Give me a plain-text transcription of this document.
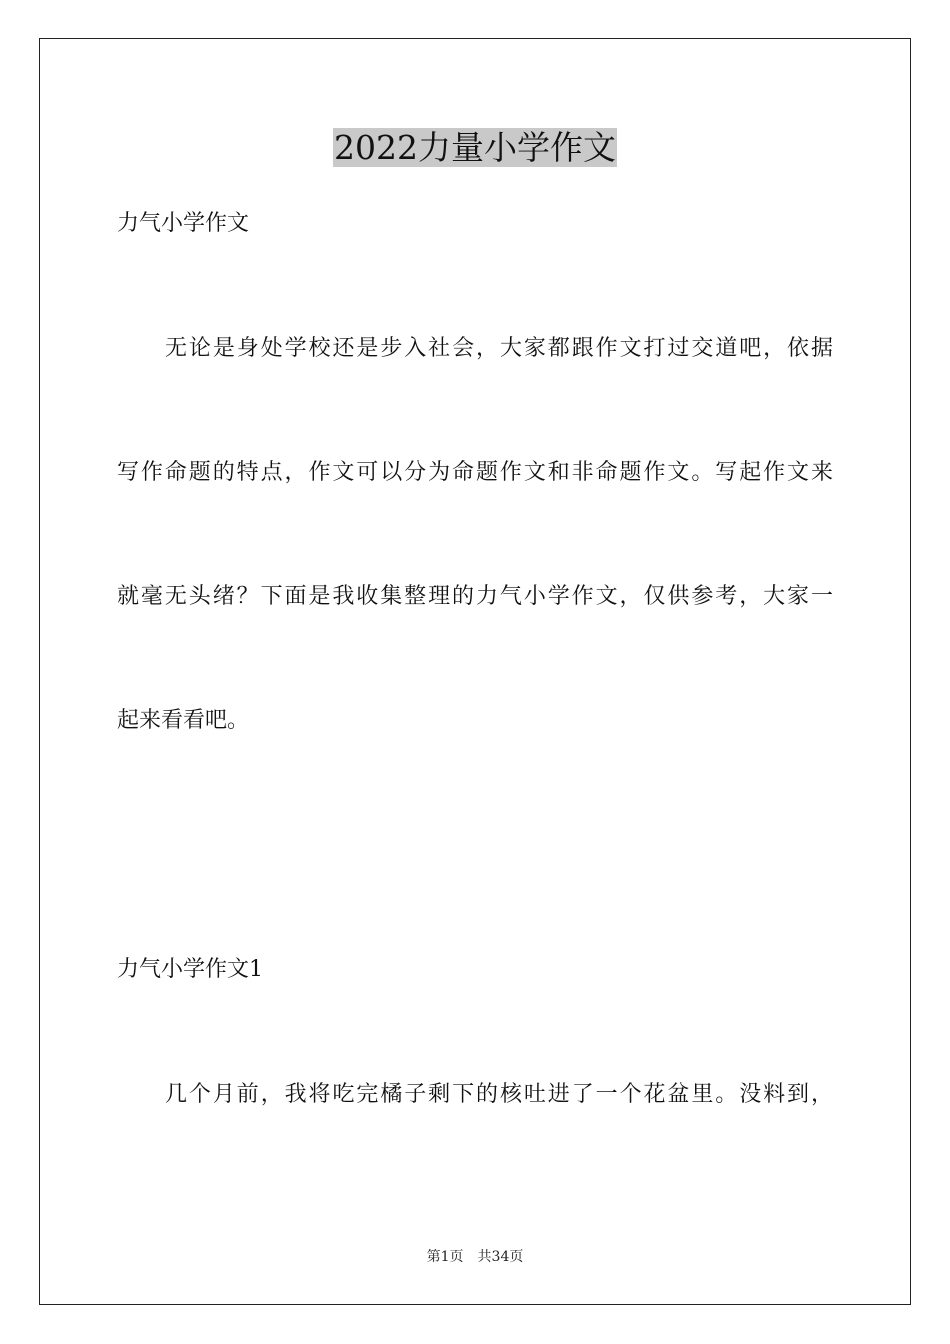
2022力量小学作文
力气小学作文
无论是身处学校还是步入社会，大家都跟作文打过交道吧，依据
写作命题的特点，作文可以分为命题作文和非命题作文。写起作文来
就毫无头绪？下面是我收集整理的力气小学作文，仅供参考，大家一
起来看看吧。
力气小学作文1
几个月前，我将吃完橘子剩下的核吐进了一个花盆里。没料到，
第1页 共34页
